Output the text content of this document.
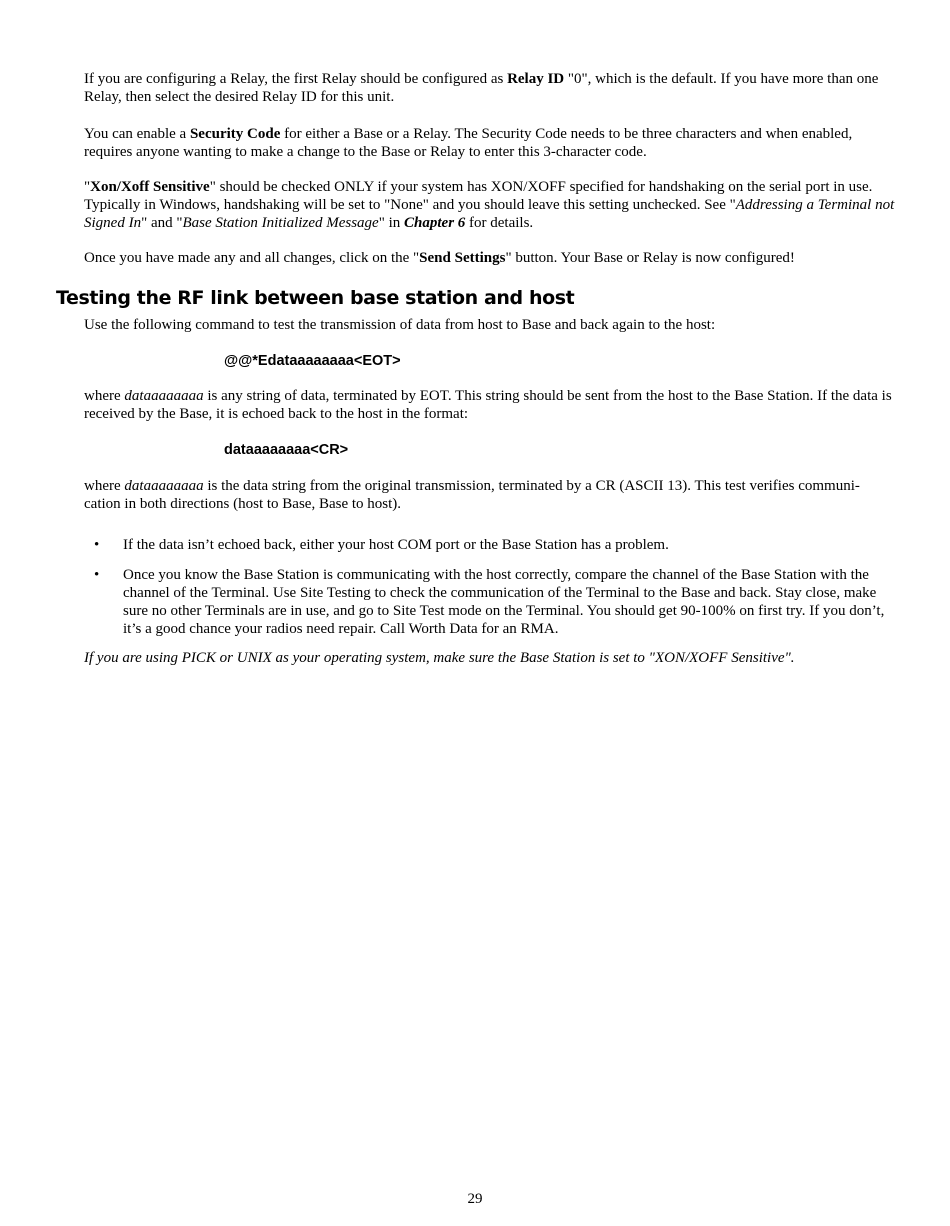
If you are configuring a Relay, the first Relay should be configured as Relay ID "0", which is the default. If you have more than one Relay, then select the desired Relay ID for this unit.

You can enable a Security Code for either a Base or a Relay. The Security Code needs to be three characters and when enabled, requires anyone wanting to make a change to the Base or Relay to enter this 3-character code.

"Xon/Xoff Sensitive" should be checked ONLY if your system has XON/XOFF specified for handshaking on the serial port in use. Typically in Windows, handshaking will be set to "None" and you should leave this setting unchecked. See "Addressing a Terminal not Signed In" and "Base Station Initialized Message" in Chapter 6 for details.

Once you have made any and all changes, click on the "Send Settings" button. Your Base or Relay is now configured!

Testing the RF link between base station and host

Use the following command to test the transmission of data from host to Base and back again to the host:

@@*Edataaaaaaaa<EOT>

where dataaaaaaaa is any string of data, terminated by EOT. This string should be sent from the host to the Base Station. If the data is received by the Base, it is echoed back to the host in the format:

dataaaaaaaa<CR>

where dataaaaaaaa is the data string from the original transmission, terminated by a CR (ASCII 13). This test verifies communi-cation in both directions (host to Base, Base to host).

• If the data isn’t echoed back, either your host COM port or the Base Station has a problem.

• Once you know the Base Station is communicating with the host correctly, compare the channel of the Base Station with the channel of the Terminal. Use Site Testing to check the communication of the Terminal to the Base and back. Stay close, make sure no other Terminals are in use, and go to Site Test mode on the Terminal. You should get 90-100% on first try. If you don’t, it’s a good chance your radios need repair. Call Worth Data for an RMA.

If you are using PICK or UNIX as your operating system, make sure the Base Station is set to "XON/XOFF Sensitive".

29
